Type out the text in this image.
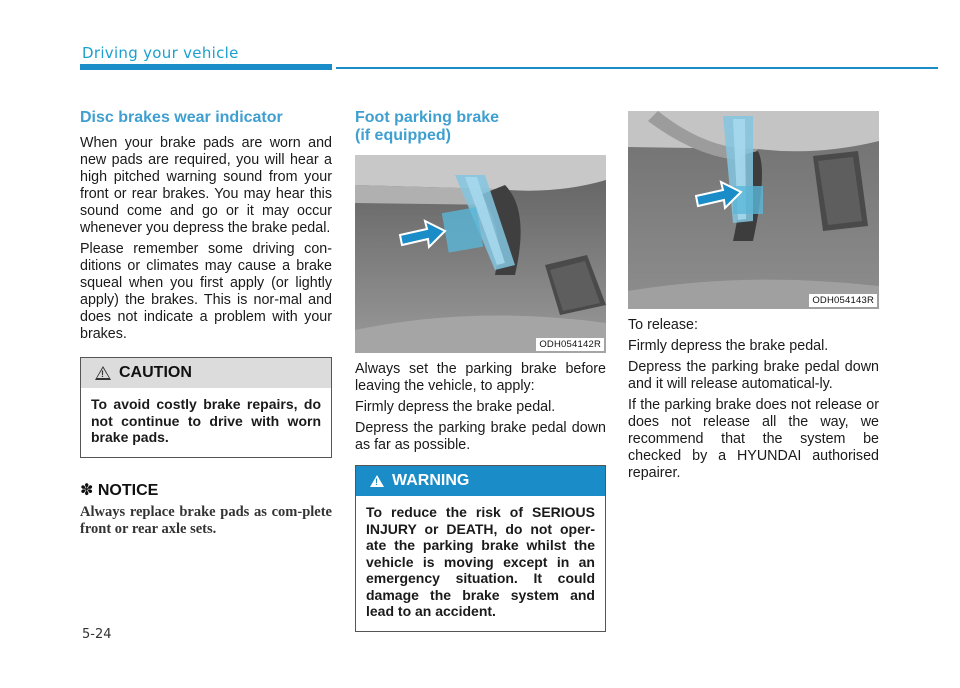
Driving your vehicle
Disc brakes wear indicator

When your brake pads are worn and new pads are required, you will hear a high pitched warning sound from your front or rear brakes. You may hear this sound come and go or it may occur whenever you depress the brake pedal.

Please remember some driving con-ditions or climates may cause a brake squeal when you first apply (or lightly apply) the brakes. This is nor-mal and does not indicate a problem with your brakes.

! CAUTION
To avoid costly brake repairs, do not continue to drive with worn brake pads.
✽ NOTICE
Always replace brake pads as com-plete front or rear axle sets.
Foot parking brake
(if equipped)
ODH054142R

Always set the parking brake before leaving the vehicle, to apply:

Firmly depress the brake pedal.

Depress the parking brake pedal down as far as possible.

! WARNING
To reduce the risk of SERIOUS INJURY or DEATH, do not oper-ate the parking brake whilst the vehicle is moving except in an emergency situation. It could damage the brake system and lead to an accident.
ODH054143R

To release:

Firmly depress the brake pedal.

Depress the parking brake pedal down and it will release automatical-ly.

If the parking brake does not release or does not release all the way, we recommend that the system be checked by a HYUNDAI authorised repairer.

5-24
